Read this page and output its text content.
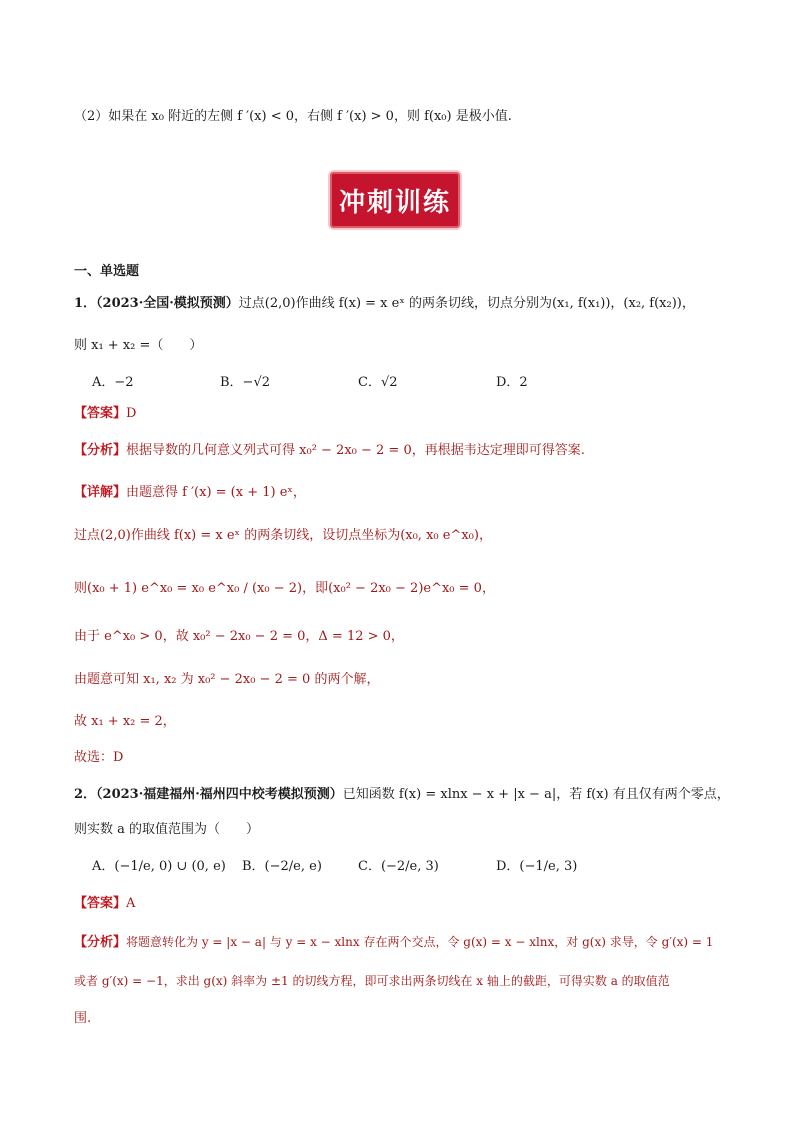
（2）如果在 x₀ 附近的左侧 f ′(x) < 0，右侧 f ′(x) > 0，则 f(x₀) 是极小值.
冲刺训练
一、单选题
1．（2023·全国·模拟预测）过点(2,0)作曲线 f(x) = x eˣ 的两条切线，切点分别为(x₁, f(x₁))，(x₂, f(x₂))，
则 x₁ + x₂ =（　　）
A．−2	B．−√2	C．√2	D．2
【答案】D
【分析】根据导数的几何意义列式可得 x₀² − 2x₀ − 2 = 0，再根据韦达定理即可得答案.
【详解】由题意得 f ′(x) = (x + 1) eˣ，
过点(2,0)作曲线 f(x) = x eˣ 的两条切线，设切点坐标为(x₀, x₀ e^x₀)，
则(x₀ + 1) e^x₀ = x₀ e^x₀ / (x₀ − 2)，即(x₀² − 2x₀ − 2)e^x₀ = 0，
由于 e^x₀ > 0，故 x₀² − 2x₀ − 2 = 0，Δ = 12 > 0，
由题意可知 x₁, x₂ 为 x₀² − 2x₀ − 2 = 0 的两个解，
故 x₁ + x₂ = 2，
故选：D
2．（2023·福建福州·福州四中校考模拟预测）已知函数 f(x) = xlnx − x + |x − a|，若 f(x) 有且仅有两个零点，
则实数 a 的取值范围为（　　）
A．(−1/e, 0) ∪ (0, e) B．(−2/e, e)	C．(−2/e, 3)	D．(−1/e, 3)
【答案】A
【分析】将题意转化为 y = |x − a| 与 y = x − xlnx 存在两个交点，令 g(x) = x − xlnx，对 g(x) 求导，令 g′(x) = 1
或者 g′(x) = −1，求出 g(x) 斜率为 ±1 的切线方程，即可求出两条切线在 x 轴上的截距，可得实数 a 的取值范
围.
